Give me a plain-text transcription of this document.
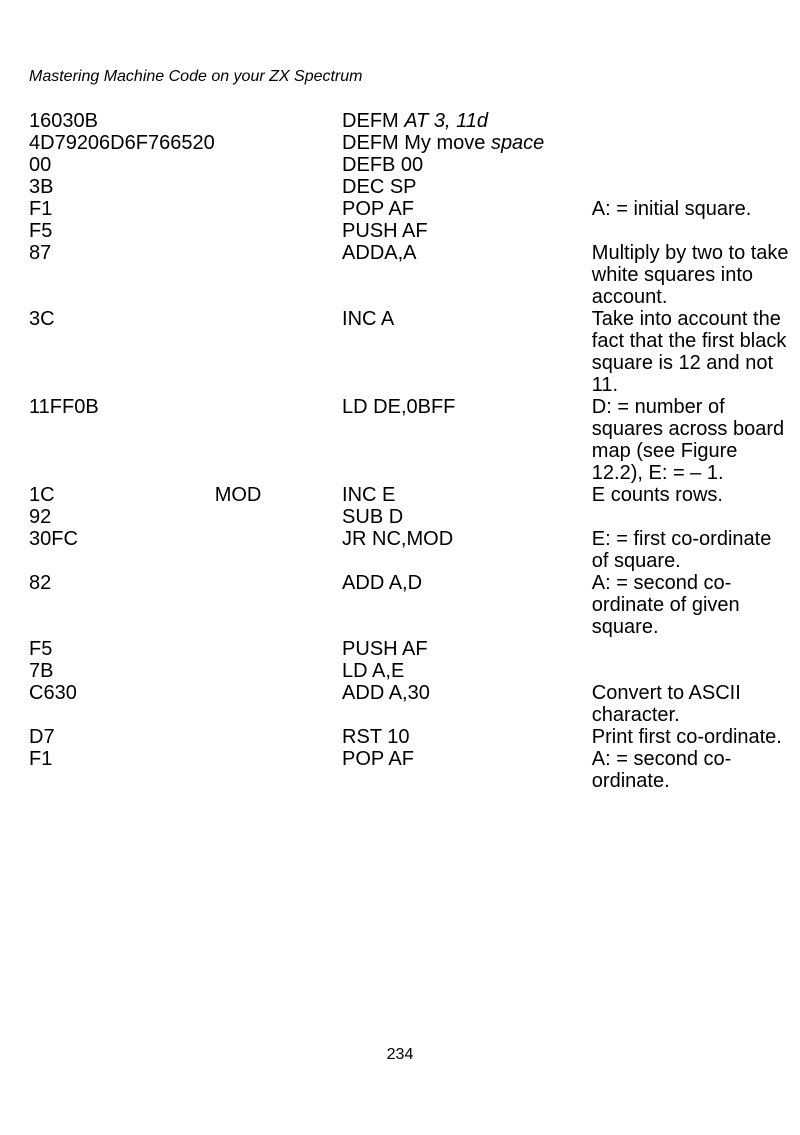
Mastering Machine Code on your ZX Spectrum
16030B		DEFM AT 3, 11d	
4D79206D6F766520		DEFM My move space	
00		DEFB 00	
3B		DEC SP	
F1		POP AF	A: = initial square.
F5		PUSH AF	
87		ADDA,A	Multiply by two to take white squares into account.
3C		INC A	Take into account the fact that the first black square is 12 and not 11.
11FF0B		LD DE,0BFF	D: = number of squares across board map (see Figure 12.2), E: = – 1.
1C	MOD	INC E	E counts rows.
92		SUB D	
30FC		JR NC,MOD	E: = first co-ordinate of square.
82		ADD A,D	A: = second co-ordinate of given square.
F5		PUSH AF	
7B		LD A,E	
C630		ADD A,30	Convert to ASCII character.
D7		RST 10	Print first co-ordinate.
F1		POP AF	A: = second co-ordinate.
234
